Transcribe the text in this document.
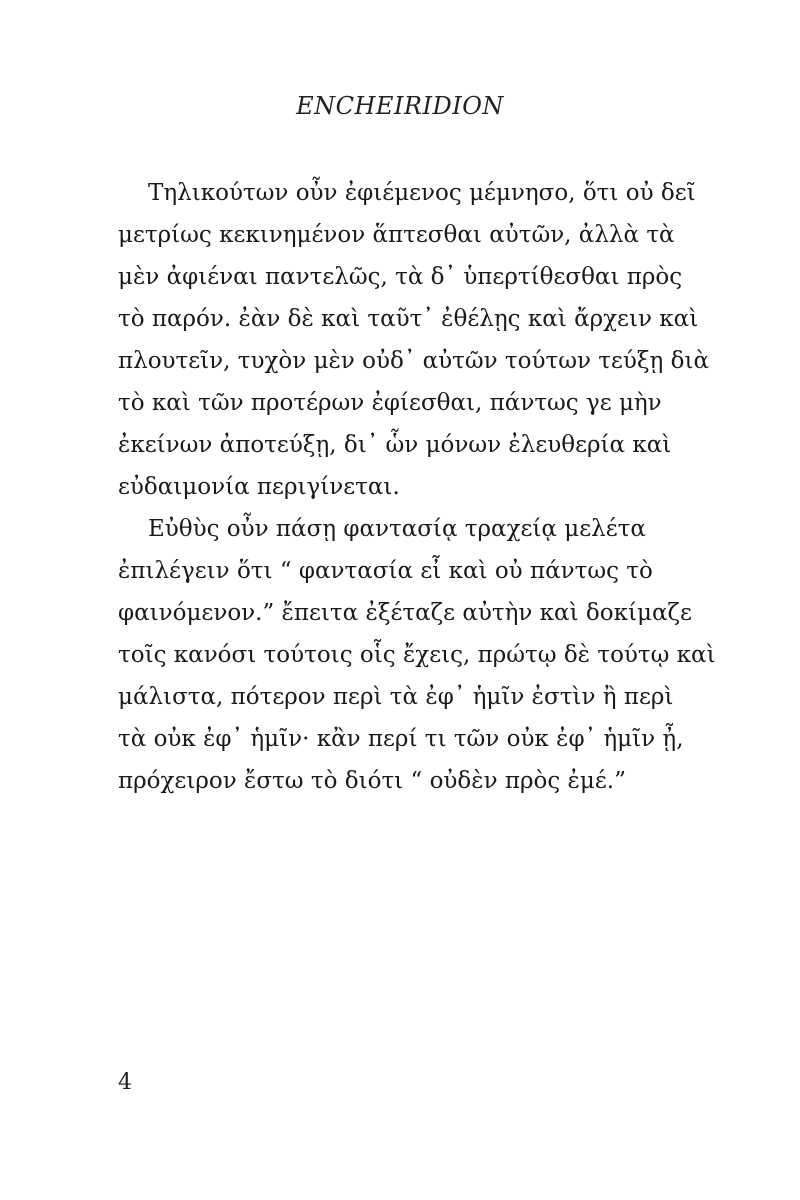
ENCHEIRIDION

Τηλικούτων οὖν ἐφιέμενος μέμνησο, ὅτι οὐ δεῖ
μετρίως κεκινημένον ἅπτεσθαι αὐτῶν, ἀλλὰ τὰ
μὲν ἀφιέναι παντελῶς, τὰ δ᾽ ὑπερτίθεσθαι πρὸς
τὸ παρόν. ἐὰν δὲ καὶ ταῦτ᾽ ἐθέλῃς καὶ ἄρχειν καὶ
πλουτεῖν, τυχὸν μὲν οὐδ᾽ αὐτῶν τούτων τεύξῃ διὰ
τὸ καὶ τῶν προτέρων ἐφίεσθαι, πάντως γε μὴν
ἐκείνων ἀποτεύξῃ, δι᾽ ὧν μόνων ἐλευθερία καὶ
εὐδαιμονία περιγίνεται.

Εὐθὺς οὖν πάσῃ φαντασίᾳ τραχείᾳ μελέτα
ἐπιλέγειν ὅτι “ φαντασία εἶ καὶ οὐ πάντως τὸ
φαινόμενον.” ἔπειτα ἐξέταζε αὐτὴν καὶ δοκίμαζε
τοῖς κανόσι τούτοις οἷς ἔχεις, πρώτῳ δὲ τούτῳ καὶ
μάλιστα, πότερον περὶ τὰ ἐφ᾽ ἡμῖν ἐστὶν ἢ περὶ
τὰ οὐκ ἐφ᾽ ἡμῖν· κἂν περί τι τῶν οὐκ ἐφ᾽ ἡμῖν ᾖ,
πρόχειρον ἔστω τὸ διότι “ οὐδὲν πρὸς ἐμέ.”

4
